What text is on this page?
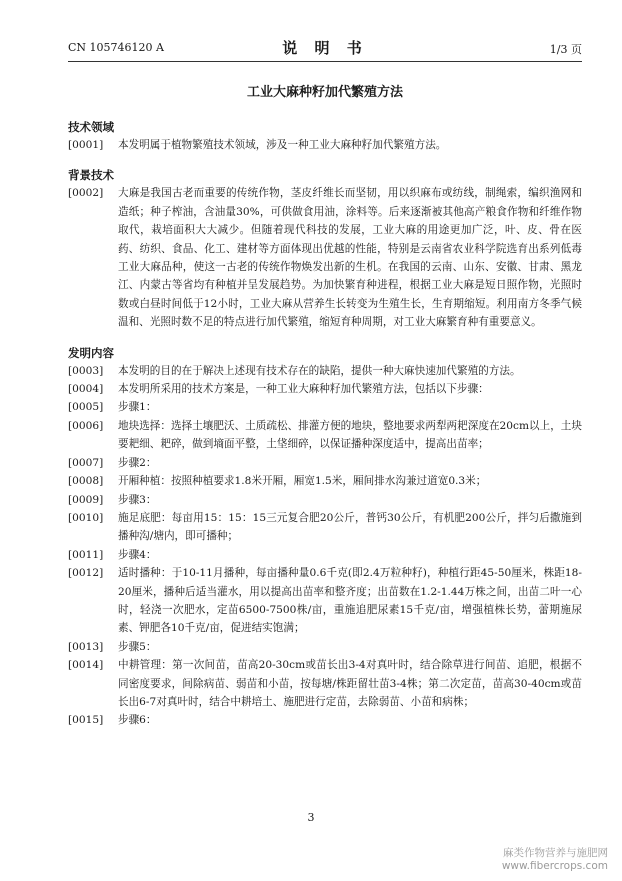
CN 105746120 A	说 明 书	1/3 页
工业大麻种籽加代繁殖方法
技术领域
[0001]	本发明属于植物繁殖技术领域，涉及一种工业大麻种籽加代繁殖方法。
背景技术
[0002]	大麻是我国古老而重要的传统作物，茎皮纤维长而坚韧，用以织麻布或纺线，制绳索，编织渔网和造纸；种子榨油，含油量30%，可供做食用油，涂料等。后来逐渐被其他高产粮食作物和纤维作物取代，栽培面积大大减少。但随着现代科技的发展，工业大麻的用途更加广泛，叶、皮、骨在医药、纺织、食品、化工、建材等方面体现出优越的性能，特别是云南省农业科学院选育出系列低毒工业大麻品种，使这一古老的传统作物焕发出新的生机。在我国的云南、山东、安徽、甘肃、黑龙江、内蒙古等省均有种植并呈发展趋势。为加快繁育种进程，根据工业大麻是短日照作物，光照时数或白昼时间低于12小时，工业大麻从营养生长转变为生殖生长，生育期缩短。利用南方冬季气候温和、光照时数不足的特点进行加代繁殖，缩短育种周期，对工业大麻繁育种有重要意义。
发明内容
[0003]	本发明的目的在于解决上述现有技术存在的缺陷，提供一种大麻快速加代繁殖的方法。
[0004]	本发明所采用的技术方案是，一种工业大麻种籽加代繁殖方法，包括以下步骤：
[0005]	步骤1：
[0006]	地块选择：选择土壤肥沃、土质疏松、排灌方便的地块，整地要求两犁两耙深度在20cm以上，土块要耙细、耙碎，做到墒面平整，土垡细碎，以保证播种深度适中，提高出苗率；
[0007]	步骤2：
[0008]	开厢种植：按照种植要求1.8米开厢，厢宽1.5米，厢间排水沟兼过道宽0.3米；
[0009]	步骤3：
[0010]	施足底肥：每亩用15：15：15三元复合肥20公斤，普钙30公斤，有机肥200公斤，拌匀后撒施到播种沟/塘内，即可播种；
[0011]	步骤4：
[0012]	适时播种：于10-11月播种，每亩播种量0.6千克(即2.4万粒种籽)，种植行距45-50厘米，株距18-20厘米，播种后适当灌水，用以提高出苗率和整齐度；出苗数在1.2-1.44万株之间，出苗二叶一心时，轻浇一次肥水，定苗6500-7500株/亩，重施追肥尿素15千克/亩，增强植株长势，蕾期施尿素、钾肥各10千克/亩，促进结实饱满；
[0013]	步骤5：
[0014]	中耕管理：第一次间苗，苗高20-30cm或苗长出3-4对真叶时，结合除草进行间苗、追肥，根据不同密度要求，间除病苗、弱苗和小苗，按每塘/株距留壮苗3-4株；第二次定苗，苗高30-40cm或苗长出6-7对真叶时，结合中耕培土、施肥进行定苗，去除弱苗、小苗和病株；
[0015]	步骤6：
3
麻类作物营养与施肥网
www.fibercrops.com
